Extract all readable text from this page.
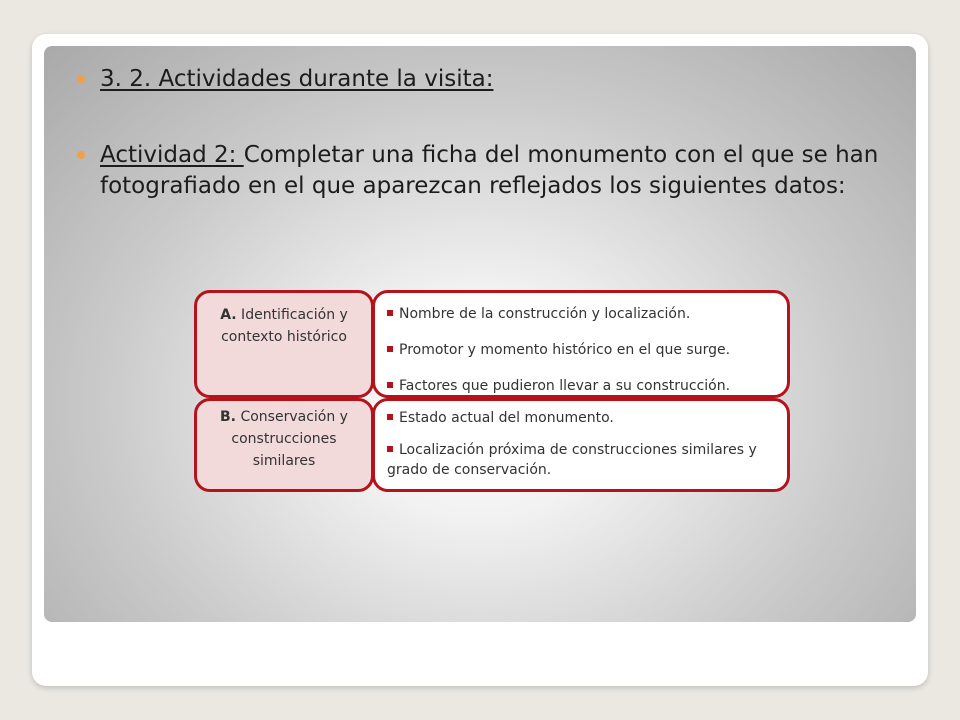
3. 2. Actividades durante la visita:
Actividad 2: Completar una ficha del monumento con el que se han fotografiado en el que aparezcan reflejados los siguientes datos:
A. Identificación y contexto histórico
Nombre de la construcción y localización.
Promotor y momento histórico en el que surge.
Factores que pudieron llevar a su construcción.
B. Conservación y construcciones similares
Estado actual del monumento.
Localización próxima de construcciones similares y grado de conservación.
